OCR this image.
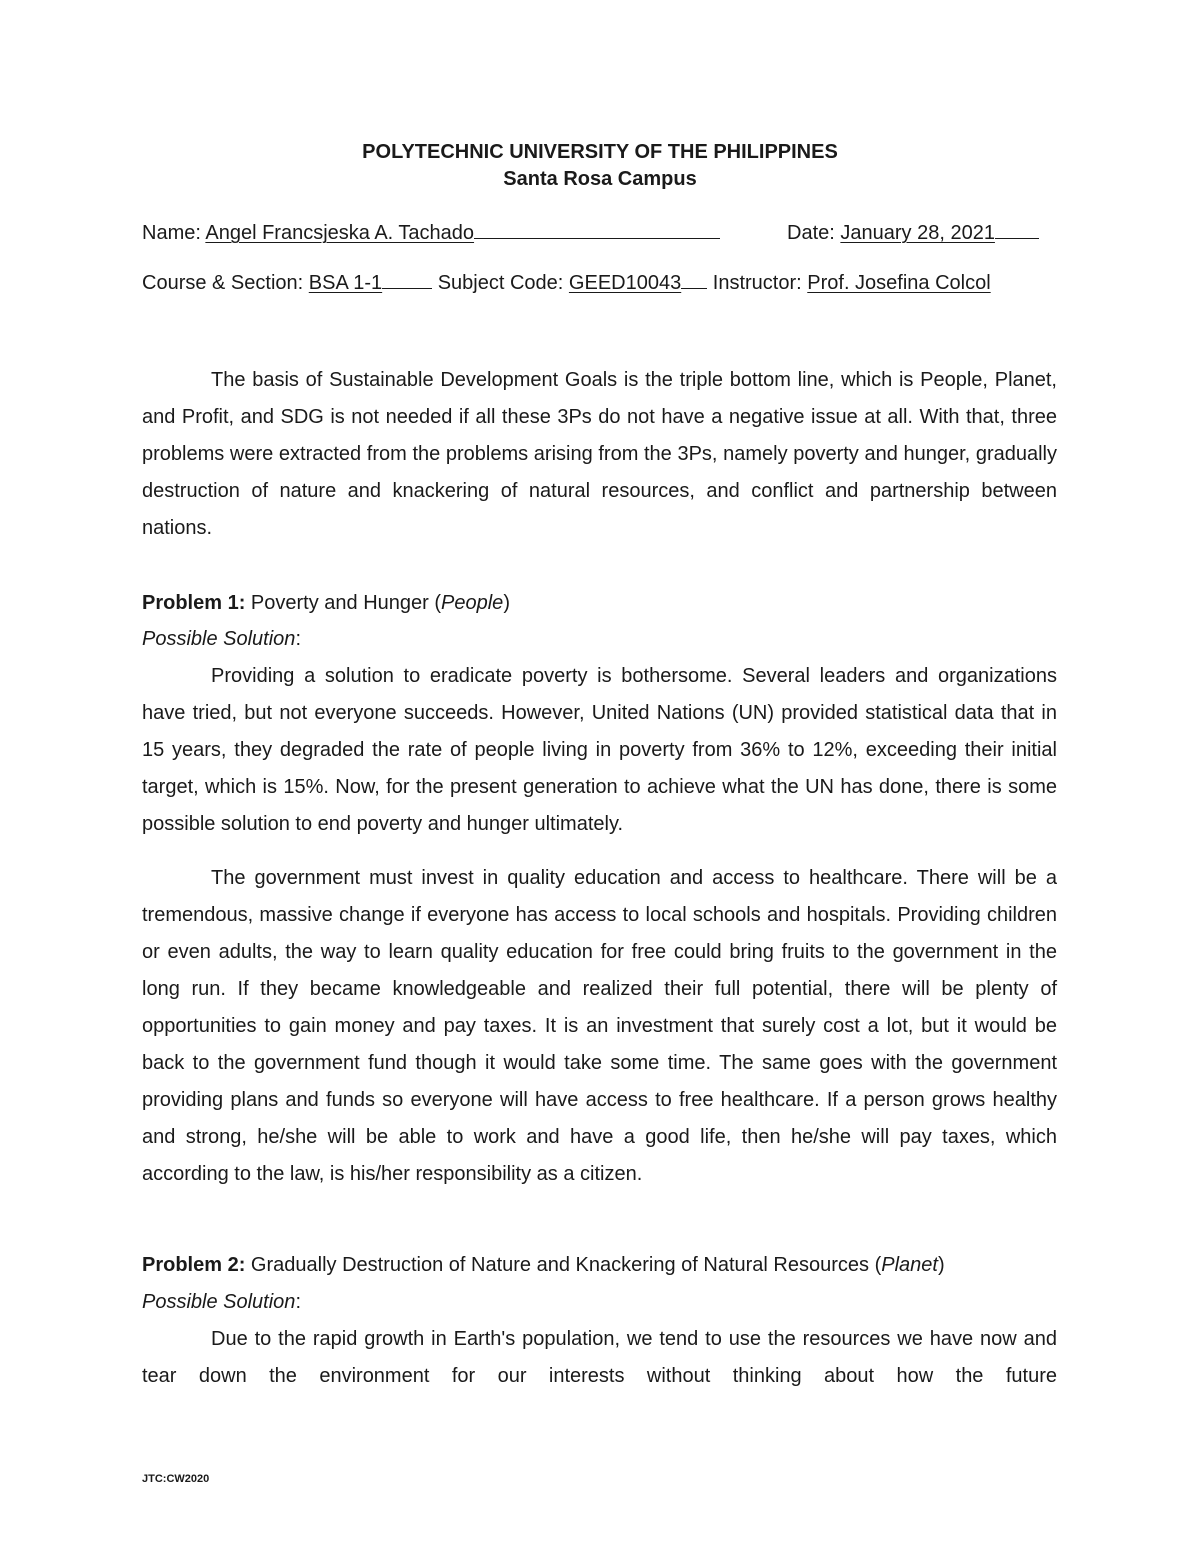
POLYTECHNIC UNIVERSITY OF THE PHILIPPINES
Santa Rosa Campus
Name: Angel Francsjeska A. Tachado	Date: January 28, 2021
Course & Section: BSA 1-1	Subject Code: GEED10043 Instructor: Prof. Josefina Colcol
The basis of Sustainable Development Goals is the triple bottom line, which is People, Planet, and Profit, and SDG is not needed if all these 3Ps do not have a negative issue at all. With that, three problems were extracted from the problems arising from the 3Ps, namely poverty and hunger, gradually destruction of nature and knackering of natural resources, and conflict and partnership between nations.
Problem 1: Poverty and Hunger (People)
Possible Solution:
Providing a solution to eradicate poverty is bothersome. Several leaders and organizations have tried, but not everyone succeeds. However, United Nations (UN) provided statistical data that in 15 years, they degraded the rate of people living in poverty from 36% to 12%, exceeding their initial target, which is 15%. Now, for the present generation to achieve what the UN has done, there is some possible solution to end poverty and hunger ultimately.
The government must invest in quality education and access to healthcare. There will be a tremendous, massive change if everyone has access to local schools and hospitals. Providing children or even adults, the way to learn quality education for free could bring fruits to the government in the long run. If they became knowledgeable and realized their full potential, there will be plenty of opportunities to gain money and pay taxes. It is an investment that surely cost a lot, but it would be back to the government fund though it would take some time. The same goes with the government providing plans and funds so everyone will have access to free healthcare. If a person grows healthy and strong, he/she will be able to work and have a good life, then he/she will pay taxes, which according to the law, is his/her responsibility as a citizen.
Problem 2: Gradually Destruction of Nature and Knackering of Natural Resources (Planet)
Possible Solution:
Due to the rapid growth in Earth's population, we tend to use the resources we have now and tear down the environment for our interests without thinking about how the future
JTC:CW2020
